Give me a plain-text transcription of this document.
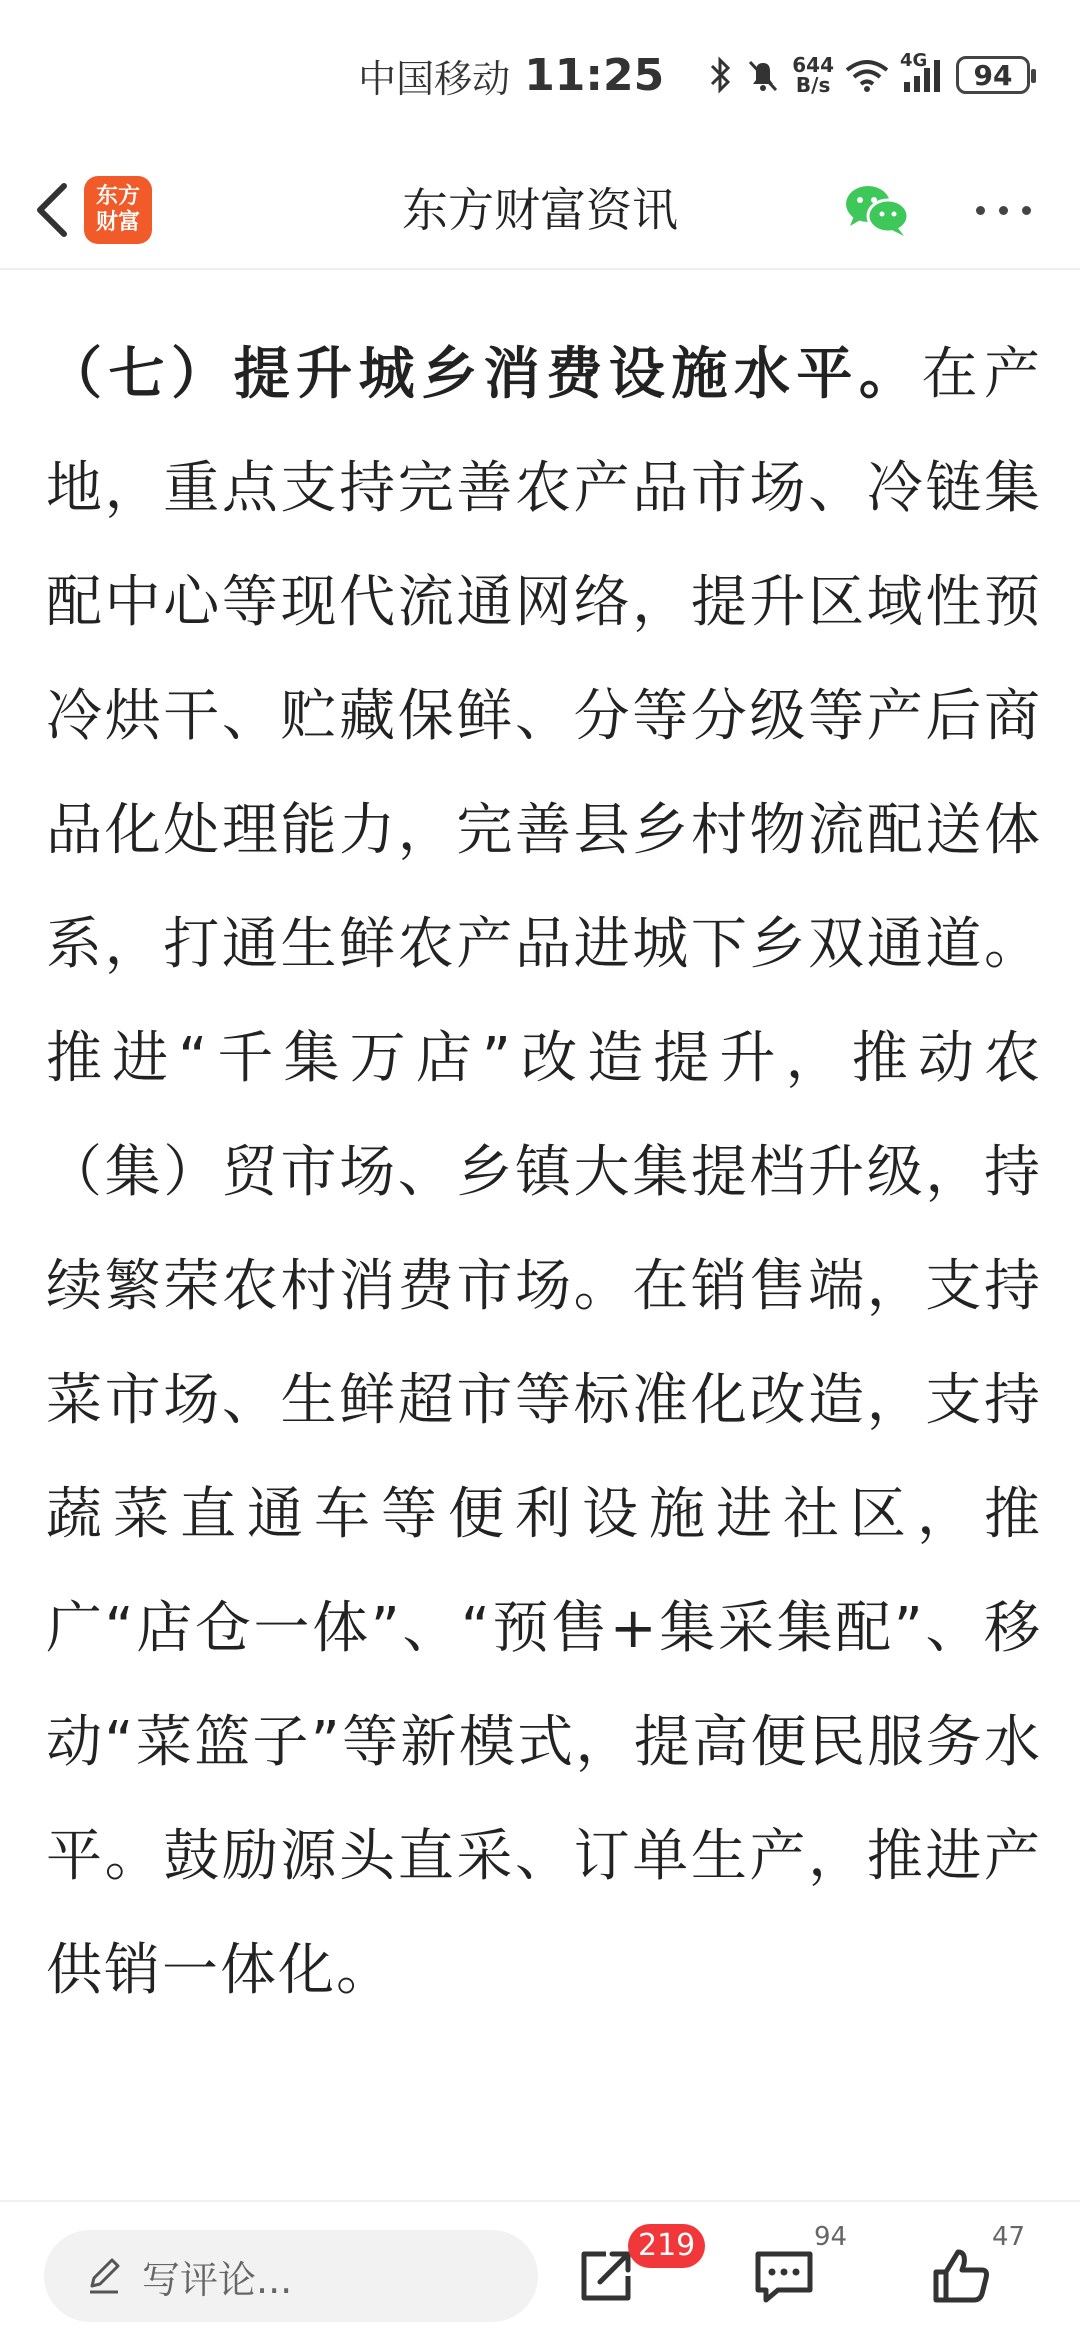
中国移动 11:25	644
B/s
4G	94
东方
财富	东方财富资讯
（七）提升城乡消费设施水平。在产地，重点支持完善农产品市场、冷链集配中心等现代流通网络，提升区域性预冷烘干、贮藏保鲜、分等分级等产后商品化处理能力，完善县乡村物流配送体系，打通生鲜农产品进城下乡双通道。推进“千集万店”改造提升，推动农（集）贸市场、乡镇大集提档升级，持续繁荣农村消费市场。在销售端，支持菜市场、生鲜超市等标准化改造，支持蔬菜直通车等便利设施进社区，推广“店仓一体”、“预售+集采集配”、移动“菜篮子”等新模式，提高便民服务水平。鼓励源头直采、订单生产，推进产供销一体化。
写评论...
219	94	47
